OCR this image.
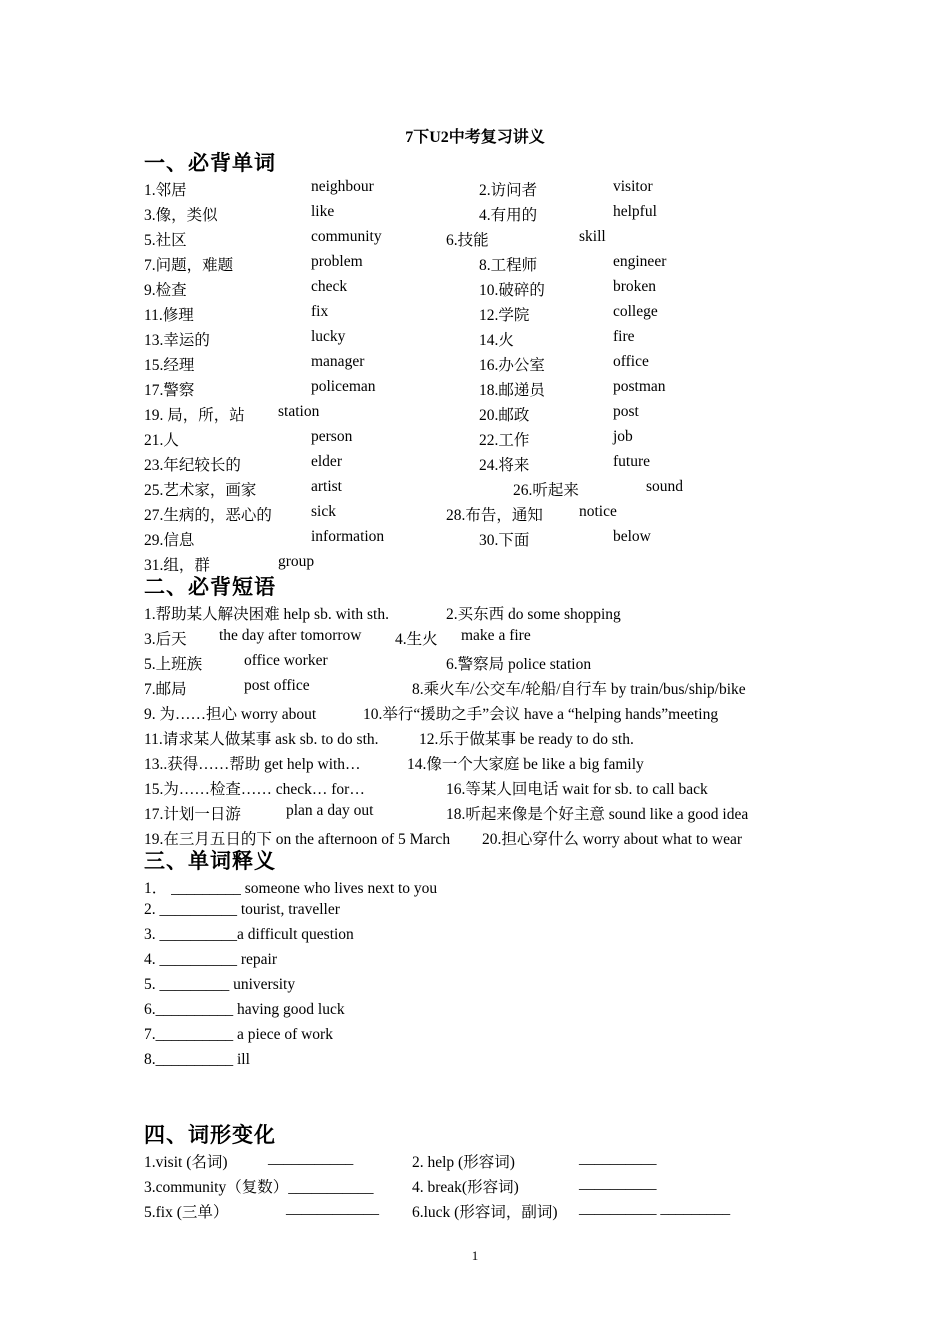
7下U2中考复习讲义
一、必背单词
1.邻居	neighbour	2.访问者	visitor
3.像，类似	like	4.有用的	helpful
5.社区	community	6.技能	skill
7.问题，难题	problem	8.工程师	engineer
9.检查	check	10.破碎的	broken
11.修理	fix	12.学院	college
13.幸运的	lucky	14.火	fire
15.经理	manager	16.办公室	office
17.警察	policeman	18.邮递员	postman
19. 局，所，站 station	20.邮政	post
21.人	person	22.工作	job
23.年纪较长的	elder	24.将来	future
25.艺术家，画家	artist	26.听起来	sound
27.生病的，恶心的	sick	28.布告，通知 notice
29.信息	information	30.下面	below
31.组，群	group
二、必背短语
1.帮助某人解决困难 help sb. with sth.	2.买东西 do some shopping
3.后天 the day after tomorrow 4.生火 make a fire
5.上班族	office worker	6.警察局 police station
7.邮局	post office	8.乘火车/公交车/轮船/自行车 by train/bus/ship/bike
9. 为……担心 worry about	10.举行“援助之手”会议 have a “helping hands”meeting
11.请求某人做某事 ask sb. to do sth.	12.乐于做某事 be ready to do sth.
13..获得……帮助 get help with…	14.像一个大家庭 be like a big family
15.为……检查…… check… for…	16.等某人回电话 wait for sb. to call back
17.计划一日游	plan a day out	18.听起来像是个好主意 sound like a good idea
19.在三月五日的下 on the afternoon of 5 March 20.担心穿什么 worry about what to wear
三、单词释义
1． _________ someone who lives next to you
2. __________ tourist, traveller
3. __________a difficult question
4. __________ repair
5. _________ university
6.__________ having good luck
7.__________ a piece of work
8.__________ ill
四、词形变化
1.visit (名词)	___________	2. help (形容词)	__________
3.community（复数）___________ 4. break(形容词)	__________
5.fix (三单）	____________ 6.luck (形容词，副词) __________ _________
1
